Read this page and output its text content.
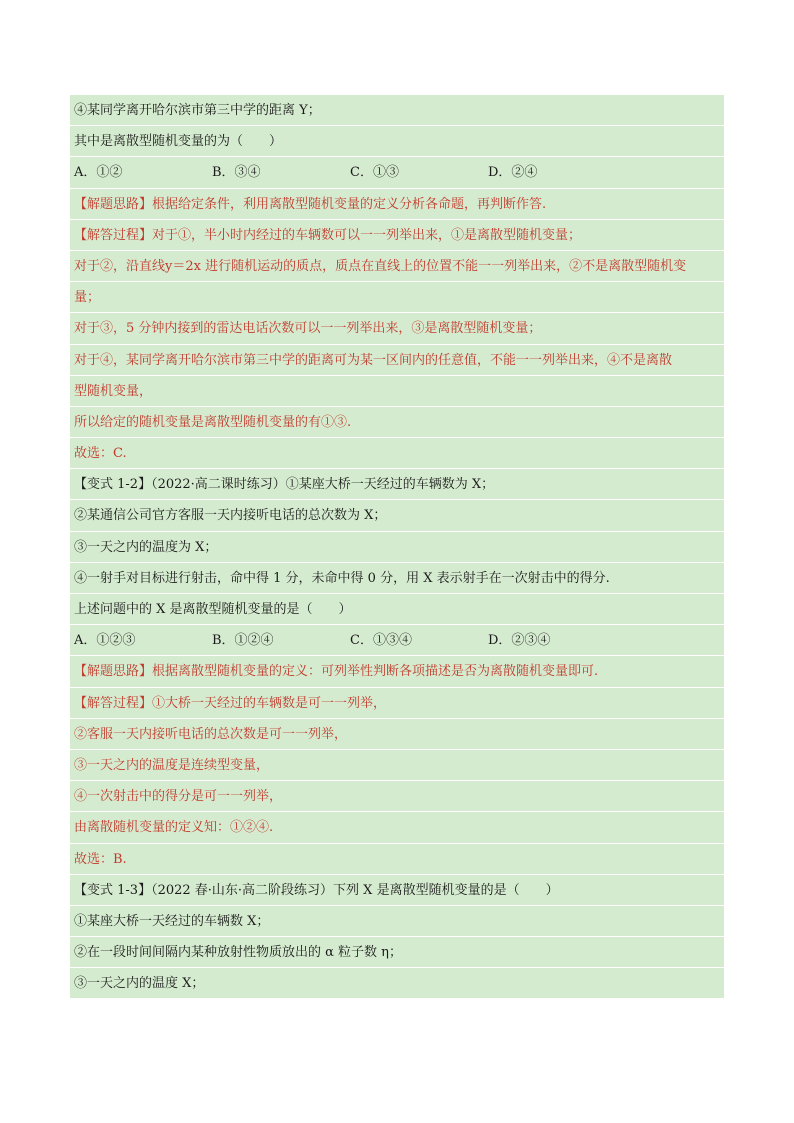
④某同学离开哈尔滨市第三中学的距离 Y；
其中是离散型随机变量的为（　　）
A．①②	B．③④	C．①③	D．②④
【解题思路】根据给定条件，利用离散型随机变量的定义分析各命题，再判断作答.
【解答过程】对于①，半小时内经过的车辆数可以一一列举出来，①是离散型随机变量；
对于②，沿直线y＝2x 进行随机运动的质点，质点在直线上的位置不能一一列举出来，②不是离散型随机变
量；
对于③，5 分钟内接到的雷达电话次数可以一一列举出来，③是离散型随机变量；
对于④，某同学离开哈尔滨市第三中学的距离可为某一区间内的任意值，不能一一列举出来，④不是离散
型随机变量，
所以给定的随机变量是离散型随机变量的有①③.
故选：C.
【变式 1-2】（2022·高二课时练习）①某座大桥一天经过的车辆数为 X；
②某通信公司官方客服一天内接听电话的总次数为 X；
③一天之内的温度为 X；
④一射手对目标进行射击，命中得 1 分，未命中得 0 分，用 X 表示射手在一次射击中的得分.
上述问题中的 X 是离散型随机变量的是（　　）
A．①②③	B．①②④	C．①③④	D．②③④
【解题思路】根据离散型随机变量的定义：可列举性判断各项描述是否为离散随机变量即可.
【解答过程】①大桥一天经过的车辆数是可一一列举，
②客服一天内接听电话的总次数是可一一列举，
③一天之内的温度是连续型变量，
④一次射击中的得分是可一一列举，
由离散随机变量的定义知：①②④.
故选：B.
【变式 1-3】（2022 春·山东·高二阶段练习）下列 X 是离散型随机变量的是（　　）
①某座大桥一天经过的车辆数 X；
②在一段时间间隔内某种放射性物质放出的 α 粒子数 η；
③一天之内的温度 X；
